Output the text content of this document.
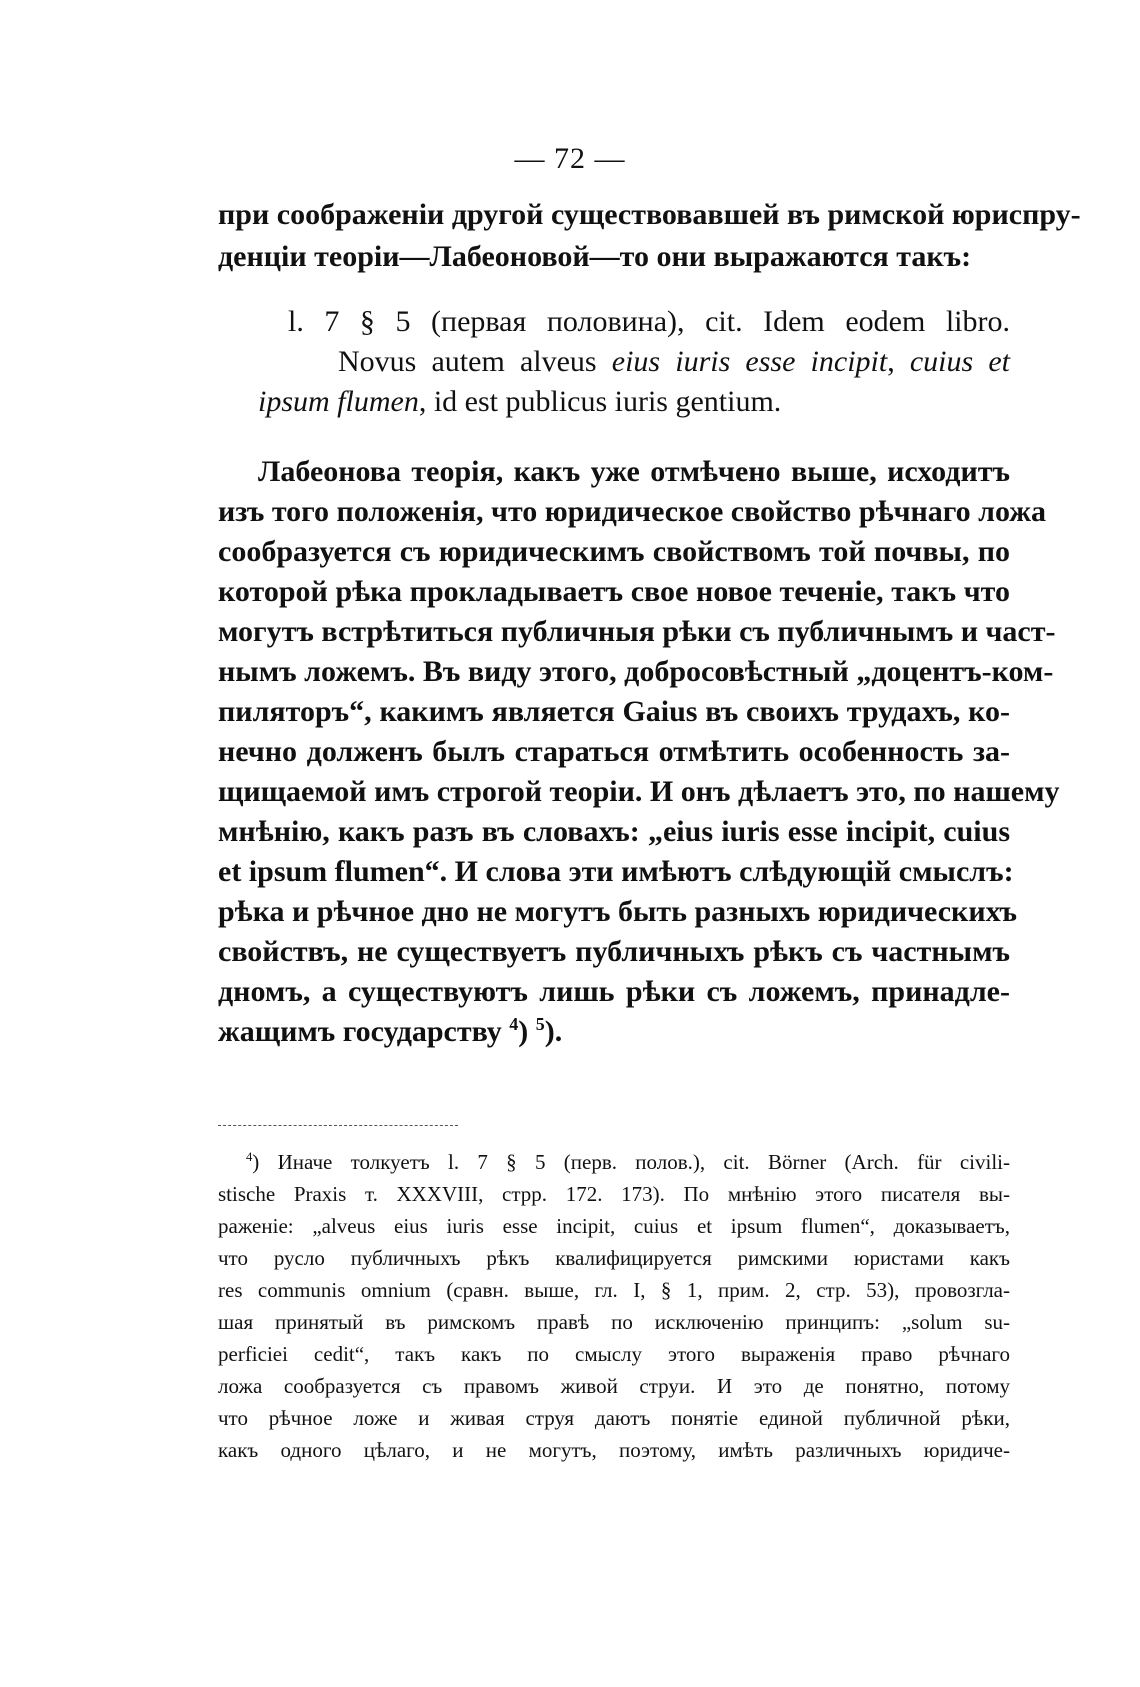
— 72 —
при соображеніи другой существовавшей въ римской юриспру-
денціи теоріи—Лабеоновой—то они выражаются такъ:
l. 7 § 5 (первая половина), cit. Idem eodem libro.
Novus autem alveus eius iuris esse incipit, cuius et
ipsum flumen, id est publicus iuris gentium.
Лабеонова теорія, какъ уже отмѣчено выше, исходитъ
изъ того положенія, что юридическое свойство рѣчнаго ложа
сообразуется съ юридическимъ свойствомъ той почвы, по
которой рѣка прокладываетъ свое новое теченіе, такъ что
могутъ встрѣтиться публичныя рѣки съ публичнымъ и част-
нымъ ложемъ. Въ виду этого, добросовѣстный „доцентъ-ком-
пиляторъ“, какимъ является Gaius въ своихъ трудахъ, ко-
нечно долженъ былъ стараться отмѣтить особенность за-
щищаемой имъ строгой теоріи. И онъ дѣлаетъ это, по нашему
мнѣнію, какъ разъ въ словахъ: „eius iuris esse incipit, cuius
et ipsum flumen“. И слова эти имѣютъ слѣдующій смыслъ:
рѣка и рѣчное дно не могутъ быть разныхъ юридическихъ
свойствъ, не существуетъ публичныхъ рѣкъ съ частнымъ
дномъ, а существуютъ лишь рѣки съ ложемъ, принадле-
жащимъ государству $^4$) $^5$).
$^4$) Иначе толкуетъ l. 7 § 5 (перв. полов.), cit. Börner (Arch. für civili-
stische Praxis т. XXXVIII, стрр. 172. 173). По мнѣнію этого писателя вы-
раженіе: „alveus eius iuris esse incipit, cuius et ipsum flumen“, доказываетъ,
что русло публичныхъ рѣкъ квалифицируется римскими юристами какъ
res communis omnium (сравн. выше, гл. I, § 1, прим. 2, стр. 53), провозгла-
шая принятый въ римскомъ правѣ по исключенію принципъ: „solum su-
perficiei cedit“, такъ какъ по смыслу этого выраженія право рѣчнаго
ложа сообразуется съ правомъ живой струи. И это де понятно, потому
что рѣчное ложе и живая струя даютъ понятіе единой публичной рѣки,
какъ одного цѣлаго, и не могутъ, поэтому, имѣть различныхъ юридиче-
